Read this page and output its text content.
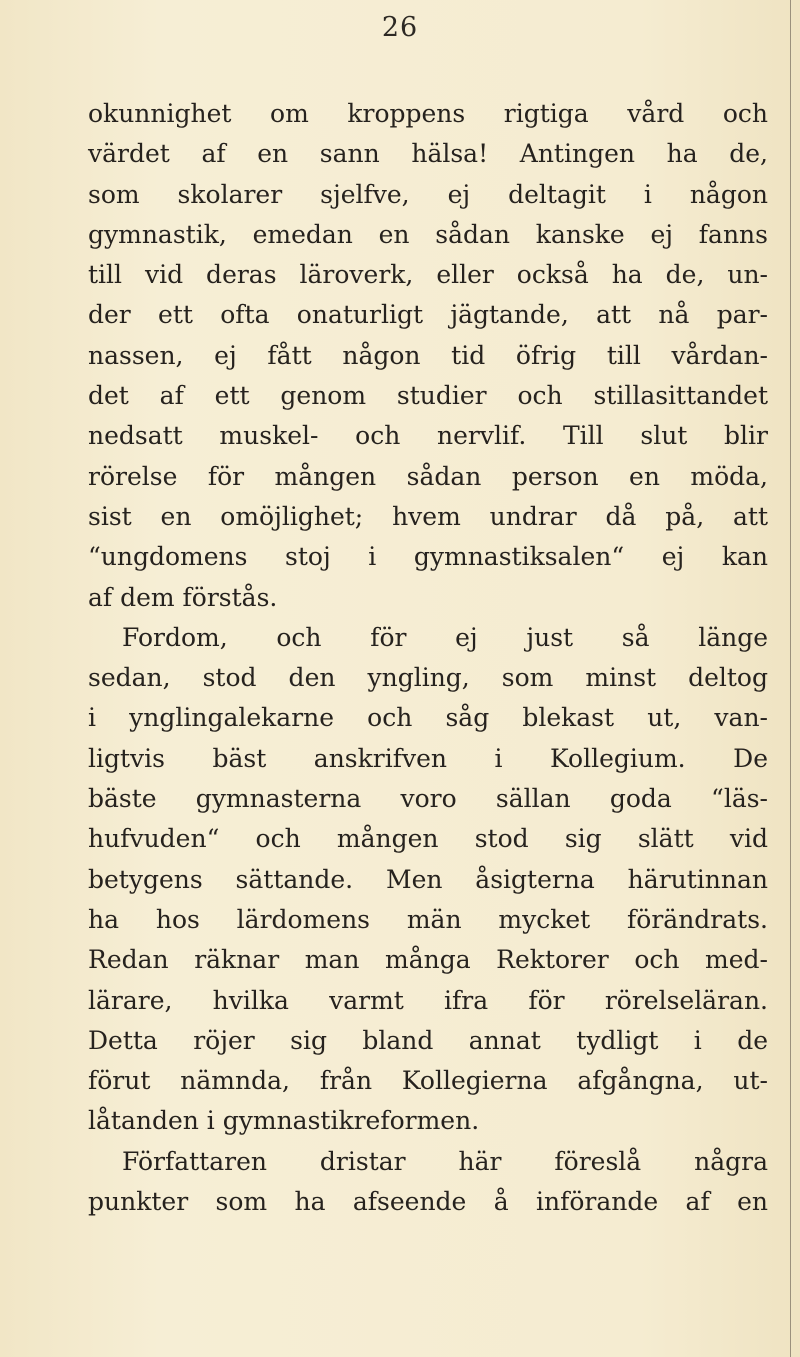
26
okunnighet om kroppens rigtiga vård och
värdet af en sann hälsa! Antingen ha de,
som skolarer sjelfve, ej deltagit i någon
gymnastik, emedan en sådan kanske ej fanns
till vid deras läroverk, eller också ha de, un-
der ett ofta onaturligt jägtande, att nå par-
nassen, ej fått någon tid öfrig till vårdan-
det af ett genom studier och stillasittandet
nedsatt muskel- och nervlif. Till slut blir
rörelse för mången sådan person en möda,
sist en omöjlighet; hvem undrar då på, att
“ungdomens stoj i gymnastiksalen“ ej kan
af dem förstås.
Fordom, och för ej just så länge
sedan, stod den yngling, som minst deltog
i ynglingalekarne och såg blekast ut, van-
ligtvis bäst anskrifven i Kollegium. De
bäste gymnasterna voro sällan goda “läs-
hufvuden“ och mången stod sig slätt vid
betygens sättande. Men åsigterna härutinnan
ha hos lärdomens män mycket förändrats.
Redan räknar man många Rektorer och med-
lärare, hvilka varmt ifra för rörelseläran.
Detta röjer sig bland annat tydligt i de
förut nämnda, från Kollegierna afgångna, ut-
låtanden i gymnastikreformen.
Författaren dristar här föreslå några
punkter som ha afseende å införande af en
